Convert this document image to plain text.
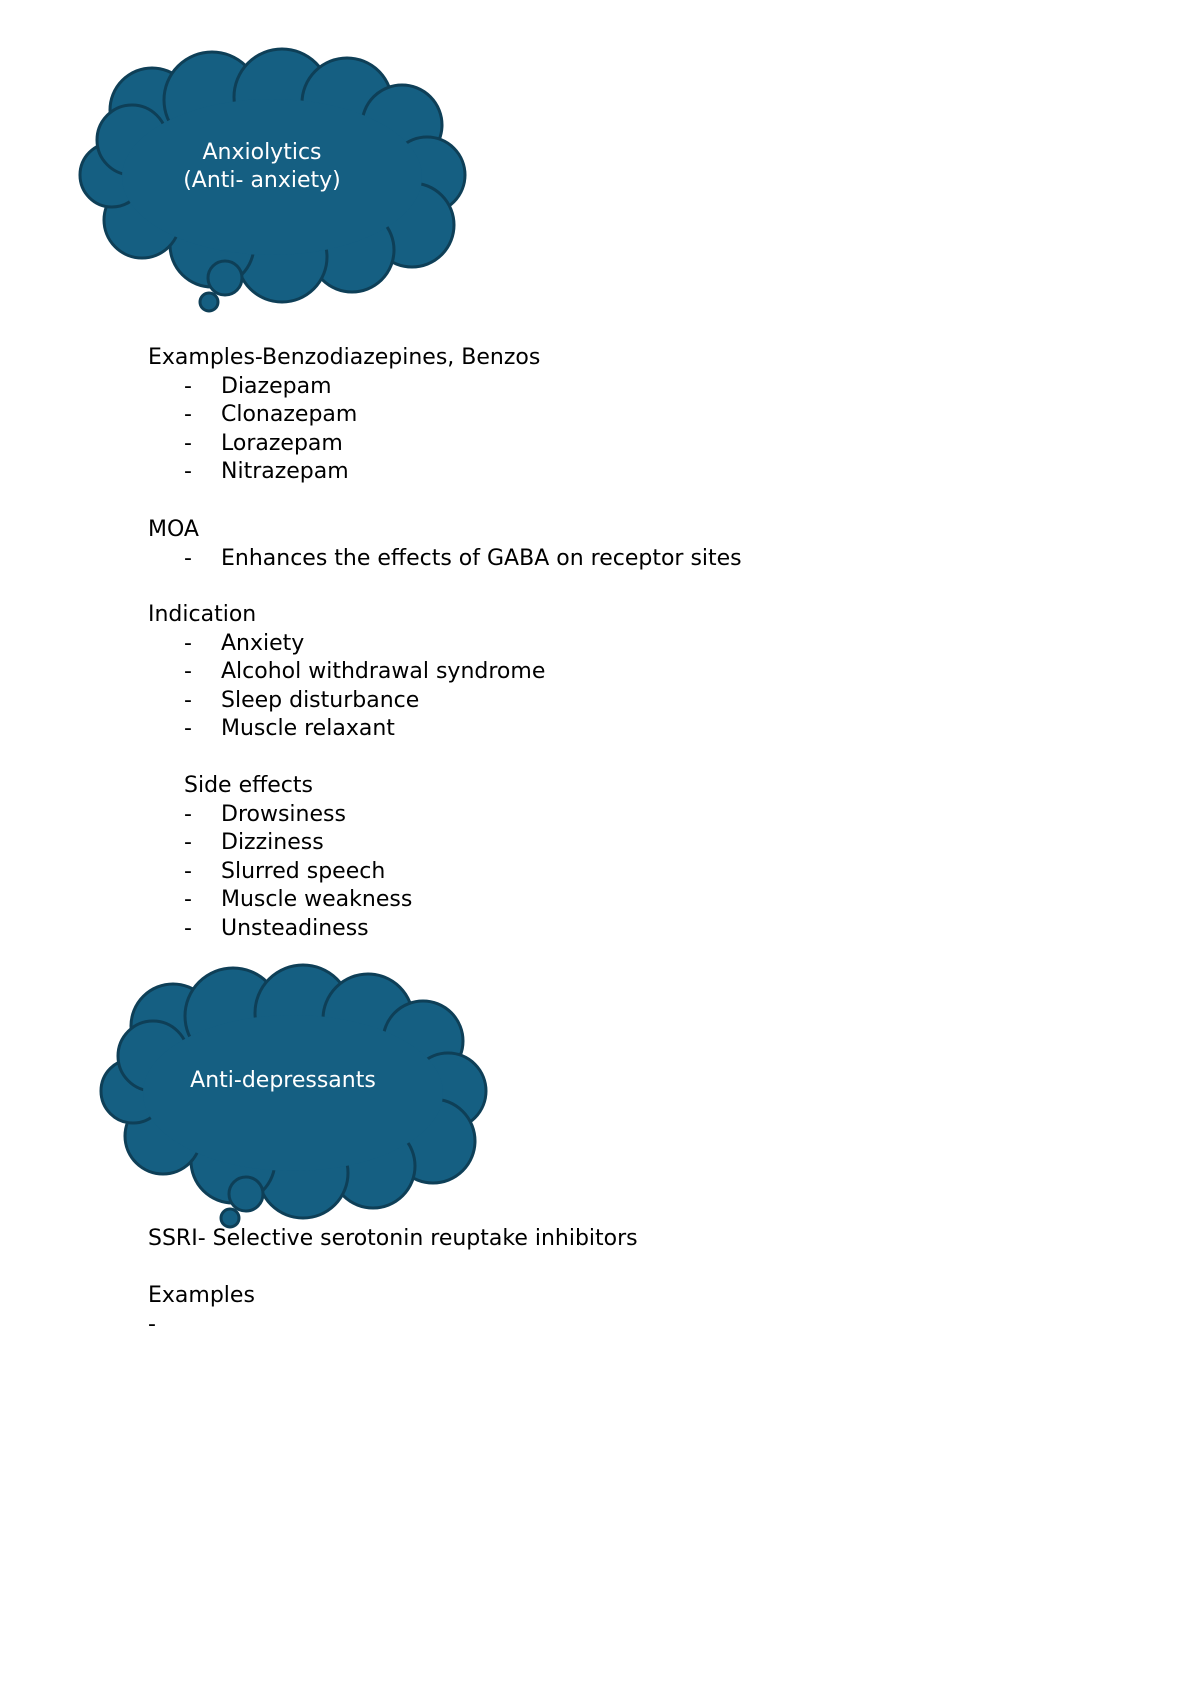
Anxiolytics
(Anti- anxiety)

Examples-Benzodiazepines, Benzos

- Diazepam
- Clonazepam
- Lorazepam
- Nitrazepam

MOA

- Enhances the effects of GABA on receptor sites

Indication

- Anxiety
- Alcohol withdrawal syndrome
- Sleep disturbance
- Muscle relaxant

Side effects

- Drowsiness
- Dizziness
- Slurred speech
- Muscle weakness
- Unsteadiness
Anti-depressants

SSRI- Selective serotonin reuptake inhibitors

Examples

-
